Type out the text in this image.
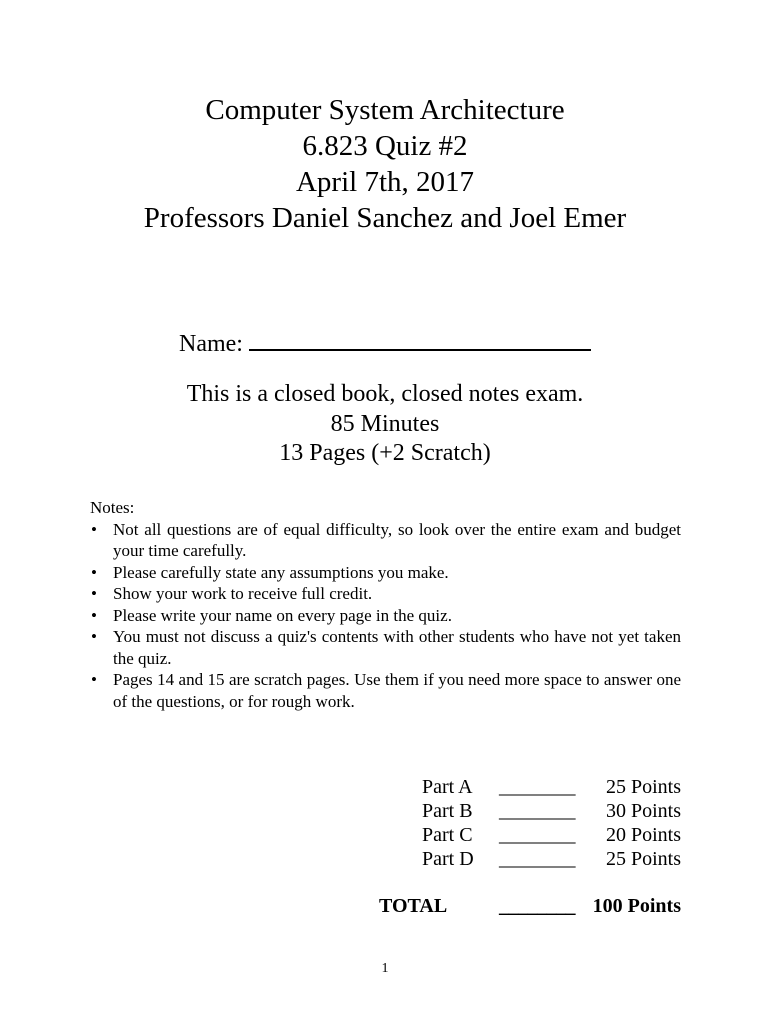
Computer System Architecture
6.823 Quiz #2
April 7th, 2017
Professors Daniel Sanchez and Joel Emer
Name:
This is a closed book, closed notes exam.
85 Minutes
13 Pages (+2 Scratch)
Notes:
• Not all questions are of equal difficulty, so look over the entire exam and budget your time carefully.
• Please carefully state any assumptions you make.
• Show your work to receive full credit.
• Please write your name on every page in the quiz.
• You must not discuss a quiz's contents with other students who have not yet taken the quiz.
• Pages 14 and 15 are scratch pages. Use them if you need more space to answer one of the questions, or for rough work.
Part A ________ 25 Points
Part B ________ 30 Points
Part C ________ 20 Points
Part D ________ 25 Points
TOTAL	________ 100 Points
1
